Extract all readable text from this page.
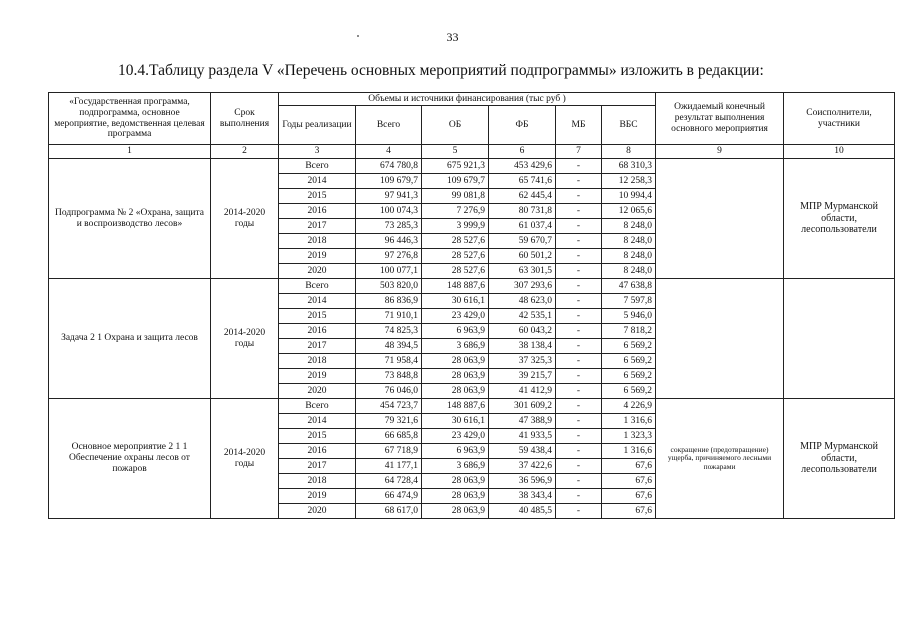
33
10.4.Таблицу раздела V «Перечень основных мероприятий подпрограммы» изложить в редакции:
«Государственная программа, подпрограмма, основное мероприятие, ведомственная целевая программа	Срок выполнения	Объемы и источники финансирования (тыс руб )						Ожидаемый конечный результат выполнения основного мероприятия	Соисполнители, участники
		Годы реализации	Всего	ОБ	ФБ	МБ	ВБС		
1	2	3	4	5	6	7	8	9	10
Подпрограмма № 2 «Охрана, защита и воспроизводство лесов»	2014-2020 годы	Всего	674 780,8	675 921,3	453 429,6	-	68 310,3		МПР Мурманской области, лесопользователи
		2014	109 679,7	109 679,7	65 741,6	-	12 258,3		
		2015	97 941,3	99 081,8	62 445,4	-	10 994,4		
		2016	100 074,3	7 276,9	80 731,8	-	12 065,6		
		2017	73 285,3	3 999,9	61 037,4	-	8 248,0		
		2018	96 446,3	28 527,6	59 670,7	-	8 248,0		
		2019	97 276,8	28 527,6	60 501,2	-	8 248,0		
		2020	100 077,1	28 527,6	63 301,5	-	8 248,0		
Задача 2 1 Охрана и защита лесов	2014-2020 годы	Всего	503 820,0	148 887,6	307 293,6	-	47 638,8		
		2014	86 836,9	30 616,1	48 623,0	-	7 597,8		
		2015	71 910,1	23 429,0	42 535,1	-	5 946,0		
		2016	74 825,3	6 963,9	60 043,2	-	7 818,2		
		2017	48 394,5	3 686,9	38 138,4	-	6 569,2		
		2018	71 958,4	28 063,9	37 325,3	-	6 569,2		
		2019	73 848,8	28 063,9	39 215,7	-	6 569,2		
		2020	76 046,0	28 063,9	41 412,9	-	6 569,2		
Основное мероприятие 2 1 1 Обеспечение охраны лесов от пожаров	2014-2020 годы	Всего	454 723,7	148 887,6	301 609,2	-	4 226,9	сокращение (предотвращение) ущерба, причиняемого лесными пожарами	МПР Мурманской области, лесопользователи
		2014	79 321,6	30 616,1	47 388,9	-	1 316,6		
		2015	66 685,8	23 429,0	41 933,5	-	1 323,3		
		2016	67 718,9	6 963,9	59 438,4	-	1 316,6		
		2017	41 177,1	3 686,9	37 422,6	-	67,6		
		2018	64 728,4	28 063,9	36 596,9	-	67,6		
		2019	66 474,9	28 063,9	38 343,4	-	67,6		
		2020	68 617,0	28 063,9	40 485,5	-	67,6		
